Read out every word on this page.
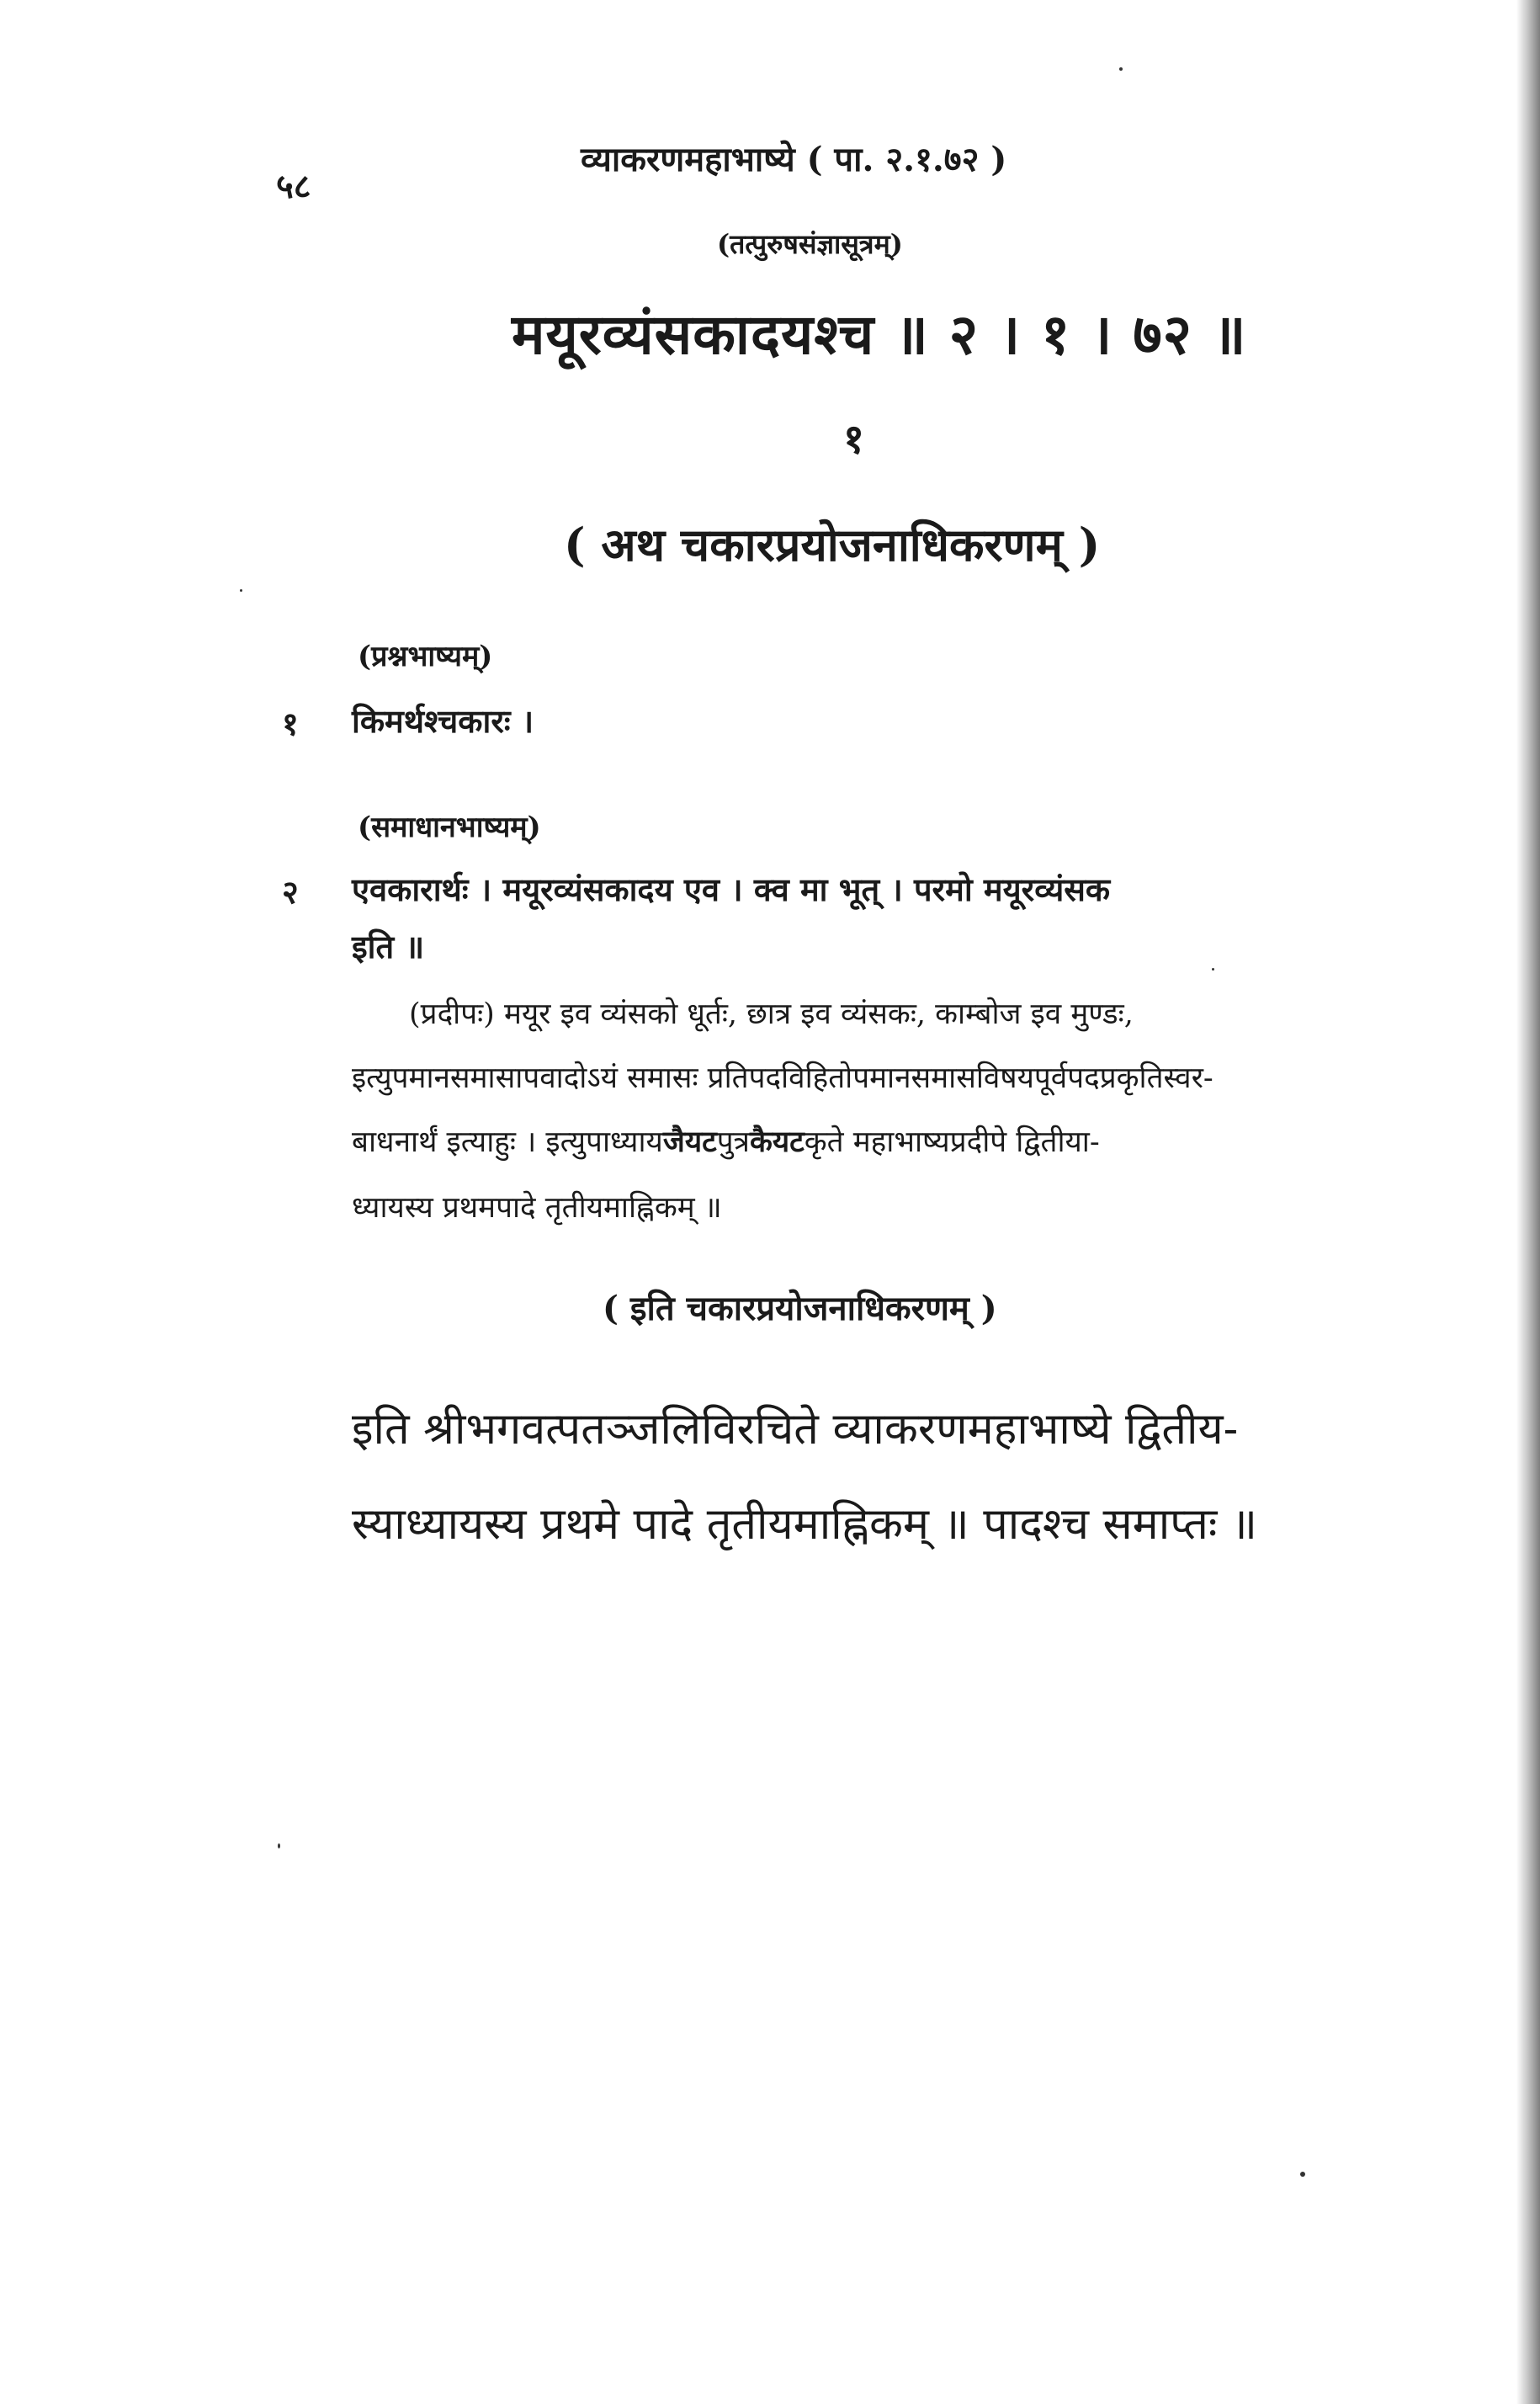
५८
व्याकरणमहाभाष्ये ( पा. २.१.७२ )
(तत्पुरुषसंज्ञासूत्रम्)
मयूरव्यंसकादयश्च ॥ २ । १ । ७२ ॥
१
( अथ चकारप्रयोजनाधिकरणम् )
(प्रश्नभाष्यम्)
१ किमर्थश्चकारः ।
(समाधानभाष्यम्)
२ एवकारार्थः । मयूरव्यंसकादय एव । क्व मा भूत् । परमो मयूरव्यंसक
इति ॥
(प्रदीपः) मयूर इव व्यंसको धूर्तः, छात्र इव व्यंसकः, काम्बोज इव मुण्डः,
इत्युपमानसमासापवादोऽयं समासः प्रतिपदविहितोपमानसमासविषयपूर्वपदप्रकृतिस्वर-
बाधनार्थं इत्याहुः । इत्युपाध्यायजैयटपुत्रकैयटकृते महाभाष्यप्रदीपे द्वितीया-
ध्यायस्य प्रथमपादे तृतीयमाह्निकम् ॥
( इति चकारप्रयोजनाधिकरणम् )
इति श्रीभगवत्पतञ्जलिविरचिते व्याकरणमहाभाष्ये द्वितीय-
स्याध्यायस्य प्रथमे पादे तृतीयमाह्निकम् ॥ पादश्च समाप्तः ॥
